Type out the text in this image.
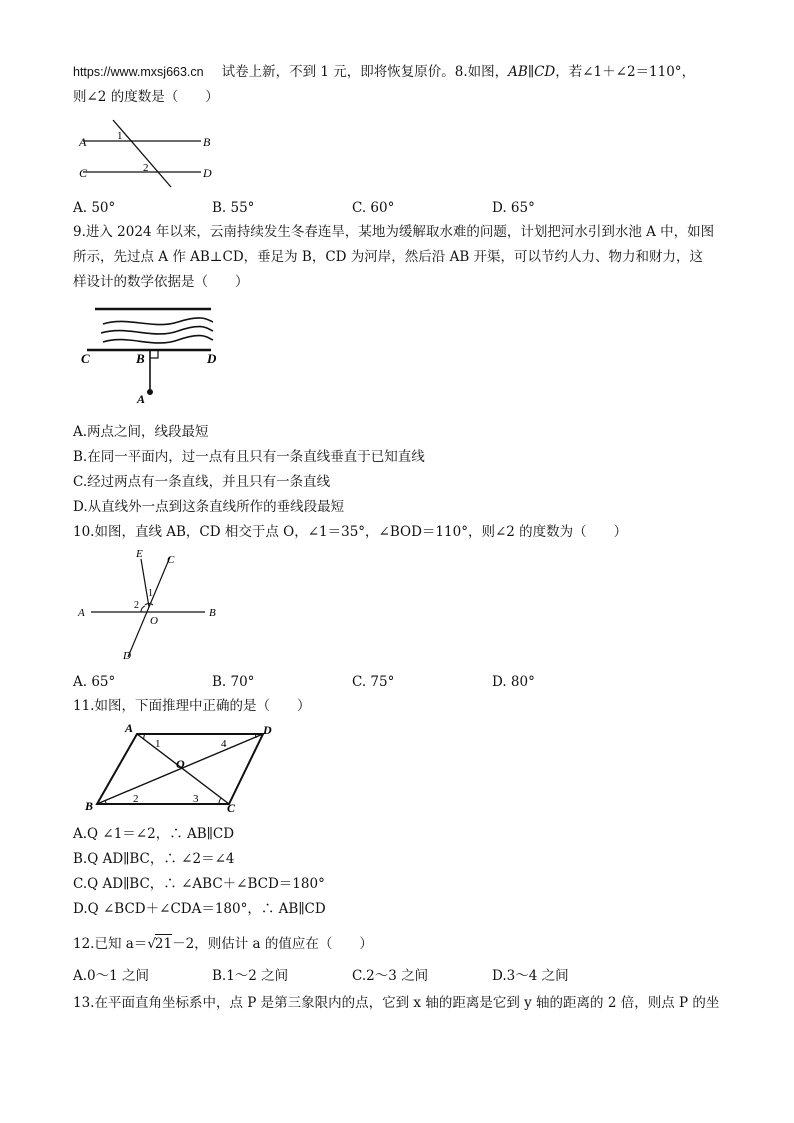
https://www.mxsj663.cn 试卷上新，不到 1 元，即将恢复原价。8.如图，AB∥CD，若∠1＋∠2＝110°，
则∠2 的度数是（　　）
A	B
C	D
1
2
A. 50°	B. 55°	C. 60°	D. 65°
9.进入 2024 年以来，云南持续发生冬春连旱，某地为缓解取水难的问题，计划把河水引到水池 A 中，如图
所示，先过点 A 作 AB⊥CD，垂足为 B，CD 为河岸，然后沿 AB 开渠，可以节约人力、物力和财力，这
样设计的数学依据是（　　）
C	B	D
A
A.两点之间，线段最短
B.在同一平面内，过一点有且只有一条直线垂直于已知直线
C.经过两点有一条直线，并且只有一条直线
D.从直线外一点到这条直线所作的垂线段最短
10.如图，直线 AB，CD 相交于点 O，∠1＝35°，∠BOD＝110°，则∠2 的度数为（　　）
E C
A	B
D
O
1
2
A. 65°	B. 70°	C. 75°	D. 80°
11.如图，下面推理中正确的是（　　）
A	D
B	C
O
1
2	3
4
A.Q ∠1＝∠2，∴ AB∥CD
B.Q AD∥BC，∴ ∠2＝∠4
C.Q AD∥BC，∴ ∠ABC＋∠BCD＝180°
D.Q ∠BCD＋∠CDA＝180°，∴ AB∥CD
12.已知 a＝√21－2，则估计 a 的值应在（　　）
A.0～1 之间	B.1～2 之间	C.2～3 之间	D.3～4 之间
13.在平面直角坐标系中，点 P 是第三象限内的点，它到 x 轴的距离是它到 y 轴的距离的 2 倍，则点 P 的坐
